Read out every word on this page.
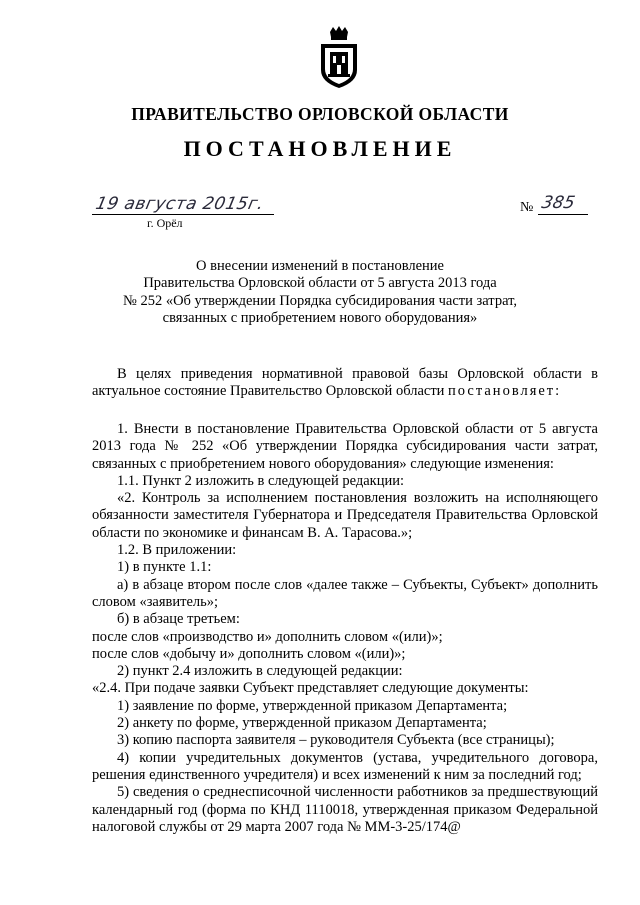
ПРАВИТЕЛЬСТВО ОРЛОВСКОЙ ОБЛАСТИ
ПОСТАНОВЛЕНИЕ
19 августа 2015г.
г. Орёл
№ 385
О внесении изменений в постановление
Правительства Орловской области от 5 августа 2013 года
№ 252 «Об утверждении Порядка субсидирования части затрат,
связанных с приобретением нового оборудования»

В целях приведения нормативной правовой базы Орловской области в актуальное состояние Правительство Орловской области постановляет:

1. Внести в постановление Правительства Орловской области от 5 августа 2013 года № 252 «Об утверждении Порядка субсидирования части затрат, связанных с приобретением нового оборудования» следующие изменения:

1.1. Пункт 2 изложить в следующей редакции:

«2. Контроль за исполнением постановления возложить на исполняющего обязанности заместителя Губернатора и Председателя Правительства Орловской области по экономике и финансам В. А. Тарасова.»;

1.2. В приложении:

1) в пункте 1.1:

а) в абзаце втором после слов «далее также – Субъекты, Субъект» дополнить словом «заявитель»;

б) в абзаце третьем:

после слов «производство и» дополнить словом «(или)»;

после слов «добычу и» дополнить словом «(или)»;

2) пункт 2.4 изложить в следующей редакции:

«2.4. При подаче заявки Субъект представляет следующие документы:

1) заявление по форме, утвержденной приказом Департамента;

2) анкету по форме, утвержденной приказом Департамента;

3) копию паспорта заявителя – руководителя Субъекта (все страницы);

4) копии учредительных документов (устава, учредительного договора, решения единственного учредителя) и всех изменений к ним за последний год;

5) сведения о среднесписочной численности работников за предшествующий календарный год (форма по КНД 1110018, утвержденная приказом Федеральной налоговой службы от 29 марта 2007 года № ММ-3-25/174@
